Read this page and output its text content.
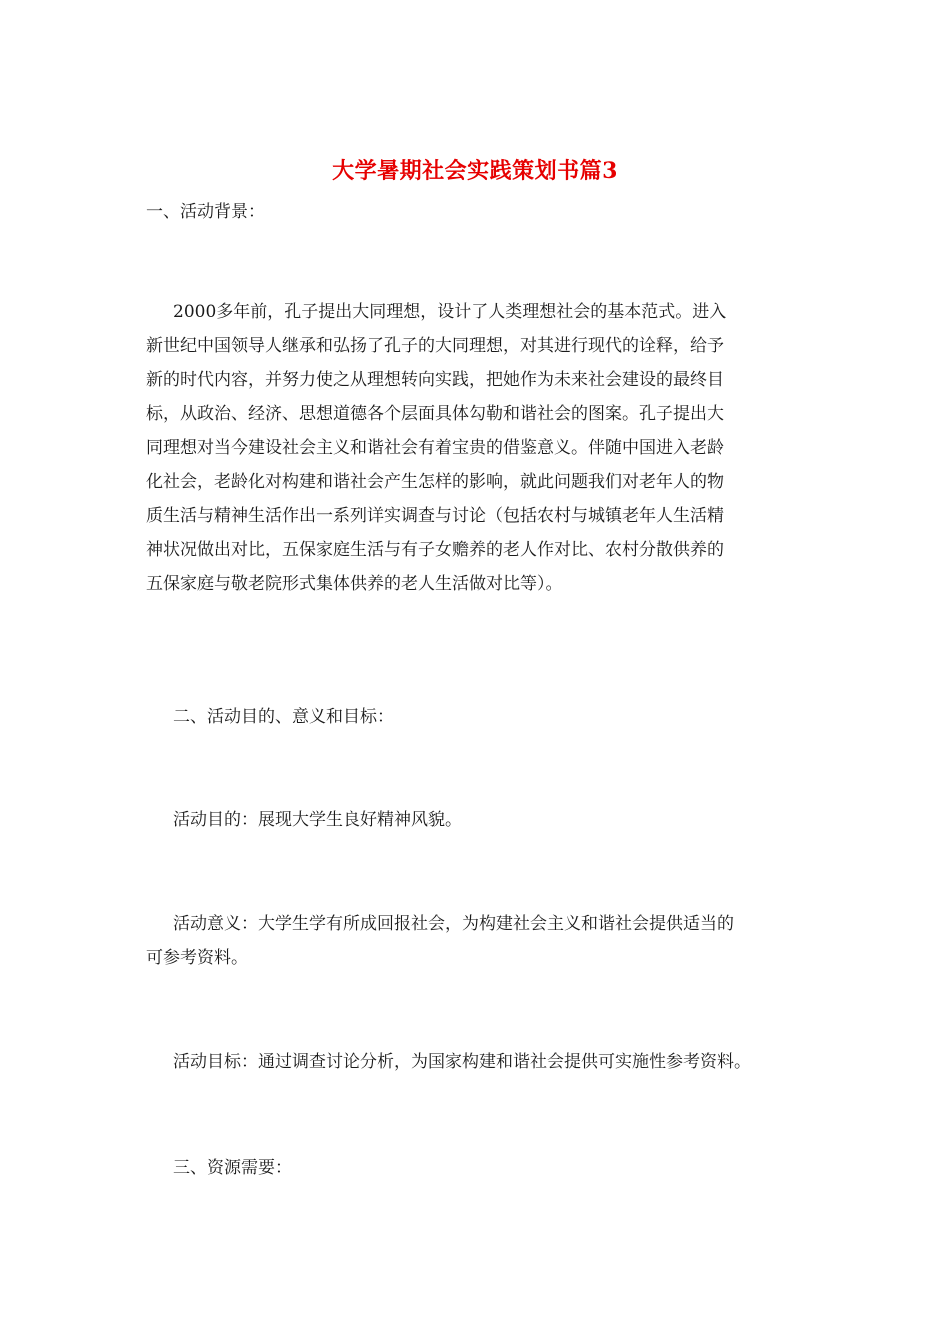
大学暑期社会实践策划书篇3
一、活动背景：
2000多年前，孔子提出大同理想，设计了人类理想社会的基本范式。进入
新世纪中国领导人继承和弘扬了孔子的大同理想，对其进行现代的诠释，给予
新的时代内容，并努力使之从理想转向实践，把她作为未来社会建设的最终目
标，从政治、经济、思想道德各个层面具体勾勒和谐社会的图案。孔子提出大
同理想对当今建设社会主义和谐社会有着宝贵的借鉴意义。伴随中国进入老龄
化社会，老龄化对构建和谐社会产生怎样的影响，就此问题我们对老年人的物
质生活与精神生活作出一系列详实调查与讨论（包括农村与城镇老年人生活精
神状况做出对比，五保家庭生活与有子女赡养的老人作对比、农村分散供养的
五保家庭与敬老院形式集体供养的老人生活做对比等）。
二、活动目的、意义和目标：
活动目的：展现大学生良好精神风貌。
活动意义：大学生学有所成回报社会，为构建社会主义和谐社会提供适当的
可参考资料。
活动目标：通过调查讨论分析，为国家构建和谐社会提供可实施性参考资料。
三、资源需要：
